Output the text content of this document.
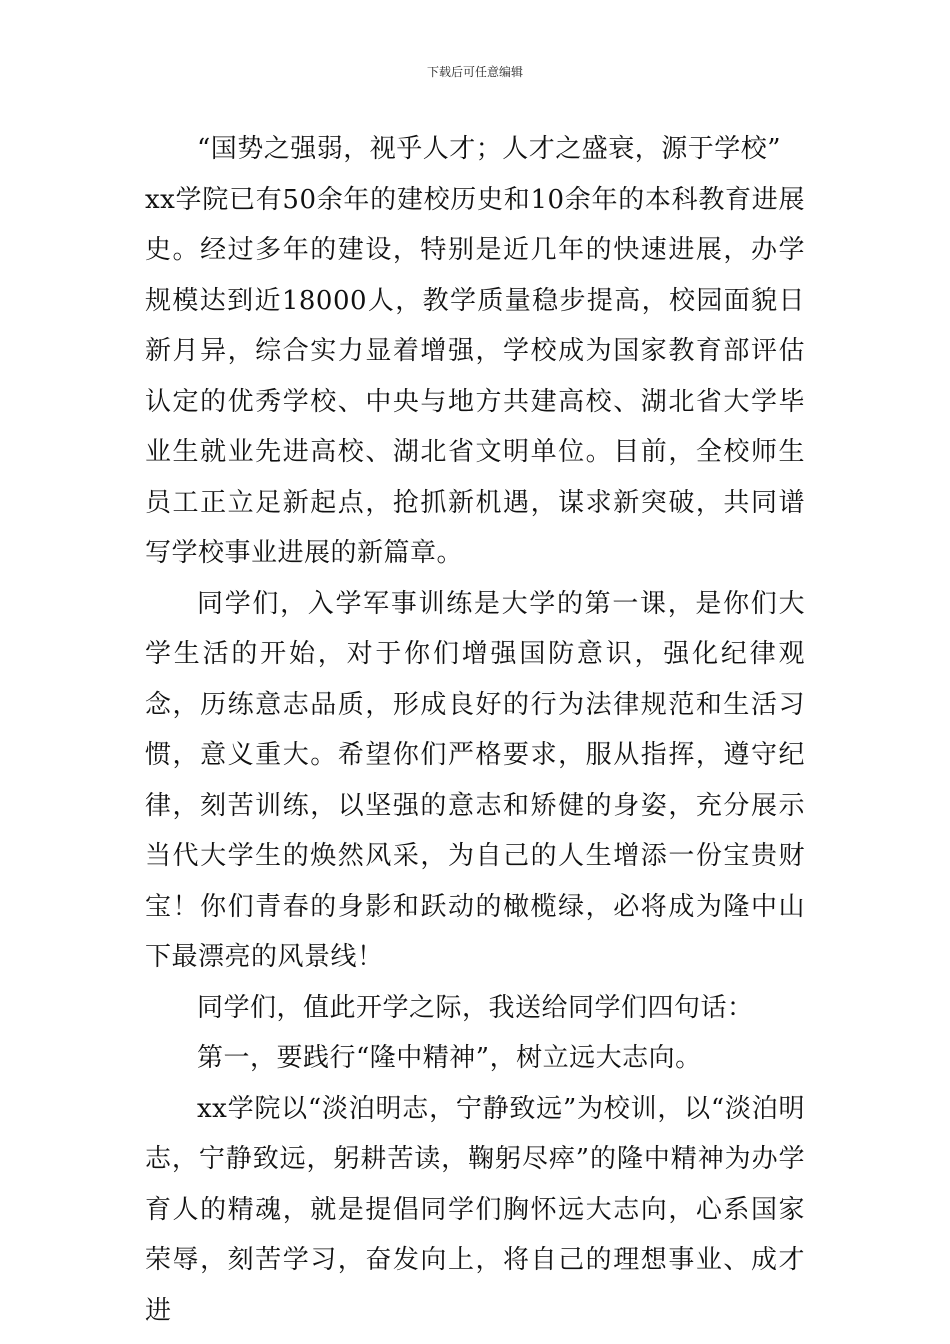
下载后可任意编辑

“国势之强弱，视乎人才；人才之盛衰，源于学校”

xx学院已有50余年的建校历史和10余年的本科教育进展史。经过多年的建设，特别是近几年的快速进展，办学规模达到近18000人，教学质量稳步提高，校园面貌日新月异，综合实力显着增强，学校成为国家教育部评估认定的优秀学校、中央与地方共建高校、湖北省大学毕业生就业先进高校、湖北省文明单位。目前，全校师生员工正立足新起点，抢抓新机遇，谋求新突破，共同谱写学校事业进展的新篇章。

同学们，入学军事训练是大学的第一课，是你们大学生活的开始，对于你们增强国防意识，强化纪律观念，历练意志品质，形成良好的行为法律规范和生活习惯，意义重大。希望你们严格要求，服从指挥，遵守纪律，刻苦训练，以坚强的意志和矫健的身姿，充分展示当代大学生的焕然风采，为自己的人生增添一份宝贵财宝！你们青春的身影和跃动的橄榄绿，必将成为隆中山下最漂亮的风景线！

同学们，值此开学之际，我送给同学们四句话：

第一，要践行“隆中精神”，树立远大志向。

xx学院以“淡泊明志，宁静致远”为校训，以“淡泊明志，宁静致远，躬耕苦读，鞠躬尽瘁”的隆中精神为办学育人的精魂，就是提倡同学们胸怀远大志向，心系国家荣辱，刻苦学习，奋发向上，将自己的理想事业、成才进
